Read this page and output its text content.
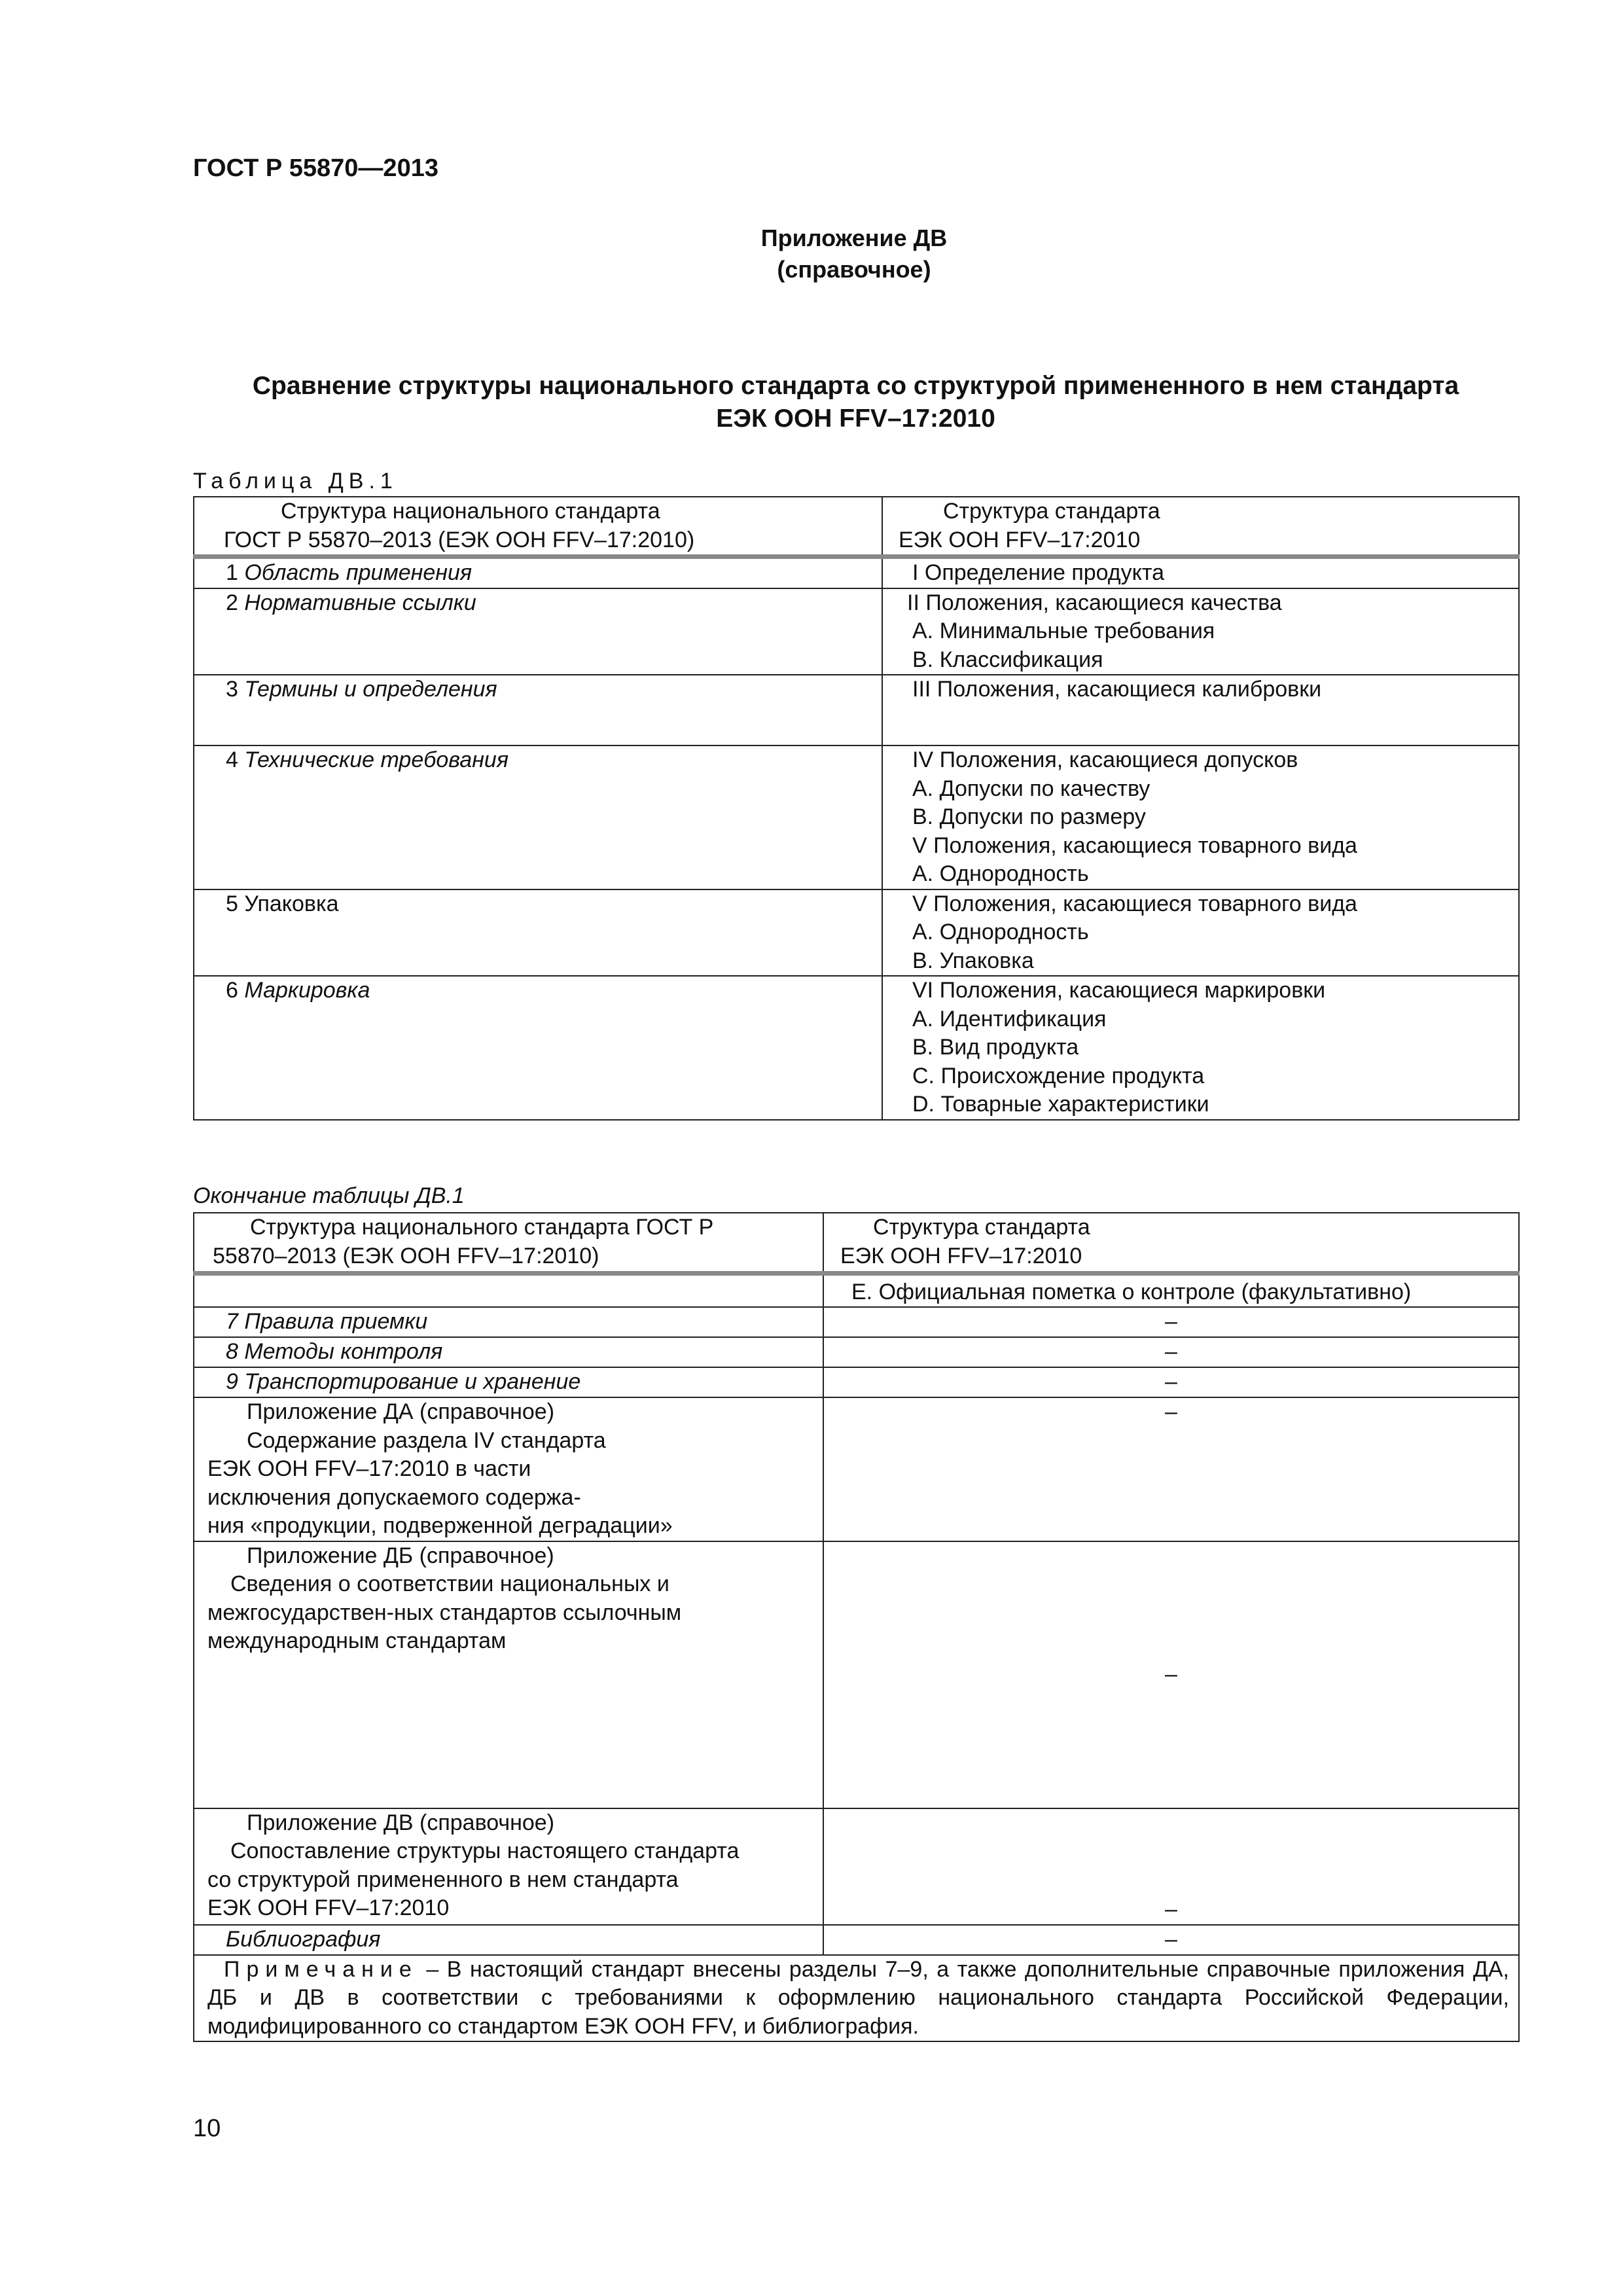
ГОСТ Р 55870—2013
Приложение ДВ
(справочное)
Сравнение структуры национального стандарта со структурой примененного в нем стандарта
ЕЭК ООН FFV–17:2010
Таблица ДВ.1
Структура национального стандарта
ГОСТ Р 55870–2013 (ЕЭК ООН FFV–17:2010)	Структура стандарта
ЕЭК ООН FFV–17:2010

1 Область применения	I Определение продукта

2 Нормативные ссылки	II Положения, касающиеся качества
А. Минимальные требования
В. Классификация

3 Термины и определения	III Положения, касающиеся калибровки

4 Технические требования	IV Положения, касающиеся допусков
А. Допуски по качеству
В. Допуски по размеру
V Положения, касающиеся товарного вида
А. Однородность

5 Упаковка	V Положения, касающиеся товарного вида
А. Однородность
В. Упаковка

6 Маркировка	VI Положения, касающиеся маркировки
А. Идентификация
В. Вид продукта
С. Происхождение продукта
D. Товарные характеристики
Окончание таблицы ДВ.1
Структура национального стандарта ГОСТ Р
55870–2013 (ЕЭК ООН FFV–17:2010)	Структура стандарта
ЕЭК ООН FFV–17:2010

	Е. Официальная пометка о контроле (факультативно)

7 Правила приемки	–
8 Методы контроля	–
9 Транспортирование и хранение	–

Приложение ДА (справочное)
Содержание раздела IV стандарта
ЕЭК ООН FFV–17:2010 в части
исключения допускаемого содержа-
ния «продукции, подверженной деградации»	–

Приложение ДБ (справочное)
Сведения о соответствии национальных и
межгосударствен-ных стандартов ссылочным
международным стандартам	–

Приложение ДВ (справочное)
Сопоставление структуры настоящего стандарта
со структурой примененного в нем стандарта
ЕЭК ООН FFV–17:2010	–
Библиография	–
Примечание – В настоящий стандарт внесены разделы 7–9, а также дополнительные справочные приложения ДА, ДБ и ДВ в соответствии с требованиями к оформлению национального стандарта Российской Федерации, модифицированного со стандартом ЕЭК ООН FFV, и библиография.	
10
